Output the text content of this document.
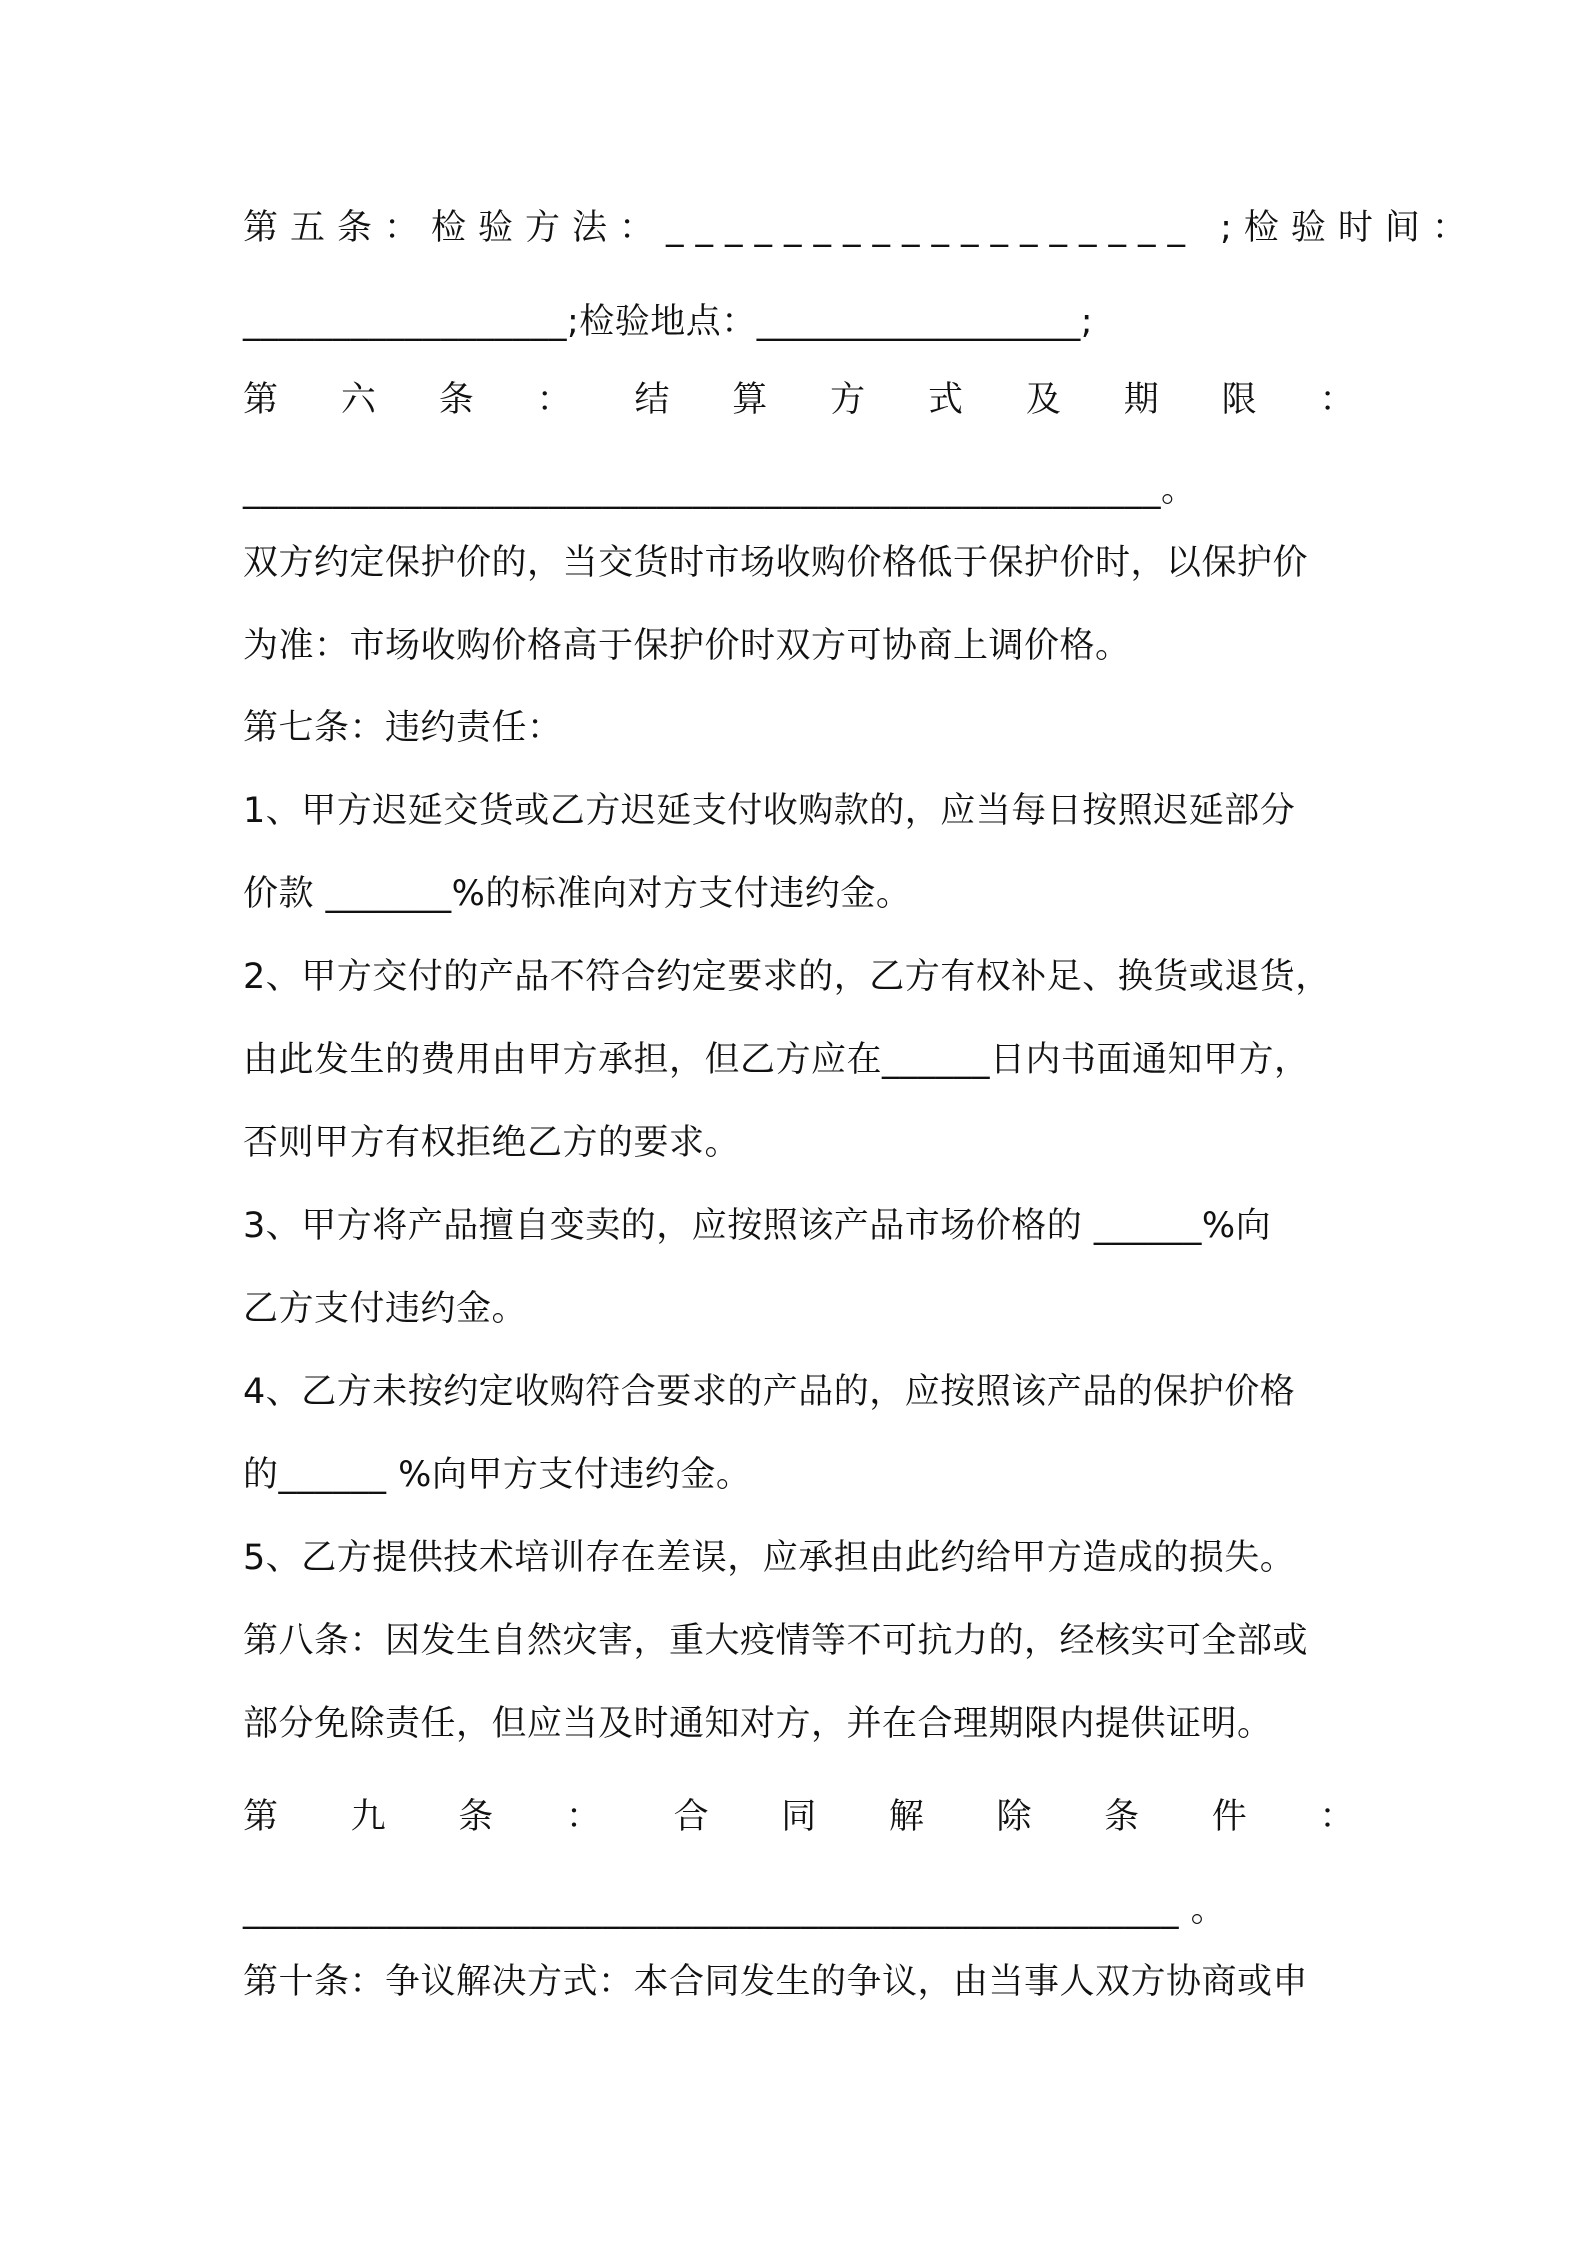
第五条：检验方法：__________________ ;检验时间：
__________________;检验地点：__________________;
第 六 条 ： 结 算 方 式 及 期 限 ：
___________________________________________________。
双方约定保护价的，当交货时市场收购价格低于保护价时，以保护价
为准：市场收购价格高于保护价时双方可协商上调价格。
第七条：违约责任：
1、甲方迟延交货或乙方迟延支付收购款的，应当每日按照迟延部分
价款 _______%的标准向对方支付违约金。
2、甲方交付的产品不符合约定要求的，乙方有权补足、换货或退货，
由此发生的费用由甲方承担，但乙方应在______日内书面通知甲方，
否则甲方有权拒绝乙方的要求。
3、甲方将产品擅自变卖的，应按照该产品市场价格的 ______%向
乙方支付违约金。
4、乙方未按约定收购符合要求的产品的，应按照该产品的保护价格
的______ %向甲方支付违约金。
5、乙方提供技术培训存在差误，应承担由此约给甲方造成的损失。
第八条：因发生自然灾害，重大疫情等不可抗力的，经核实可全部或
部分免除责任，但应当及时通知对方，并在合理期限内提供证明。
第 九 条 ： 合 同 解 除 条 件 ：
____________________________________________________ 。
第十条：争议解决方式：本合同发生的争议，由当事人双方协商或申
